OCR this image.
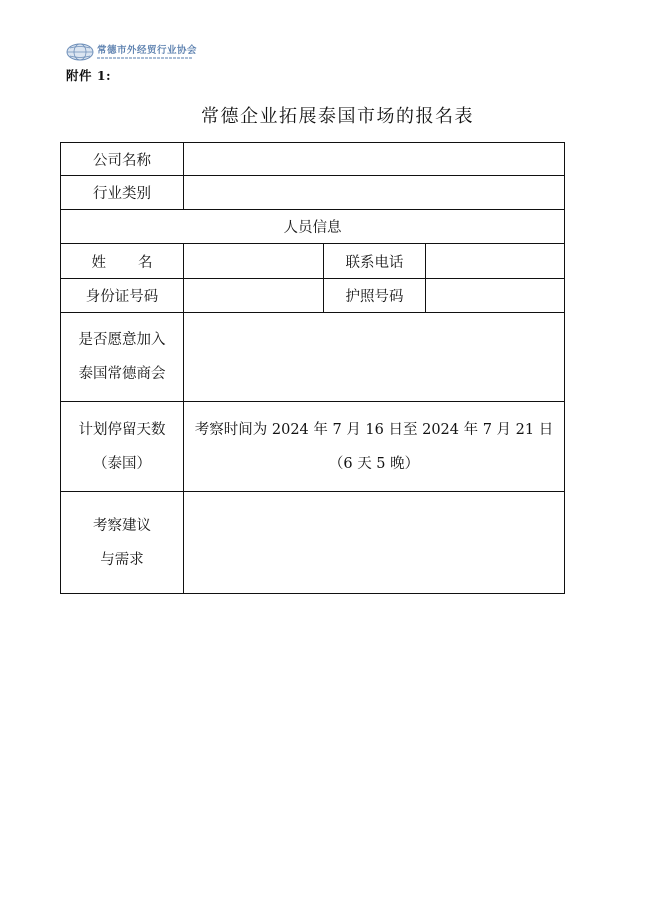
常德市外经贸行业协会
附件 1:
常德企业拓展泰国市场的报名表
公司名称			
行业类别			
人员信息			
姓 名		联系电话	
身份证号码		护照号码	

是否愿意加入
泰国常德商会			

计划停留天数
（泰国）	考察时间为 2024 年 7 月 16 日至 2024 年 7 月 21 日
（6 天 5 晚）		

考察建议
与需求			
